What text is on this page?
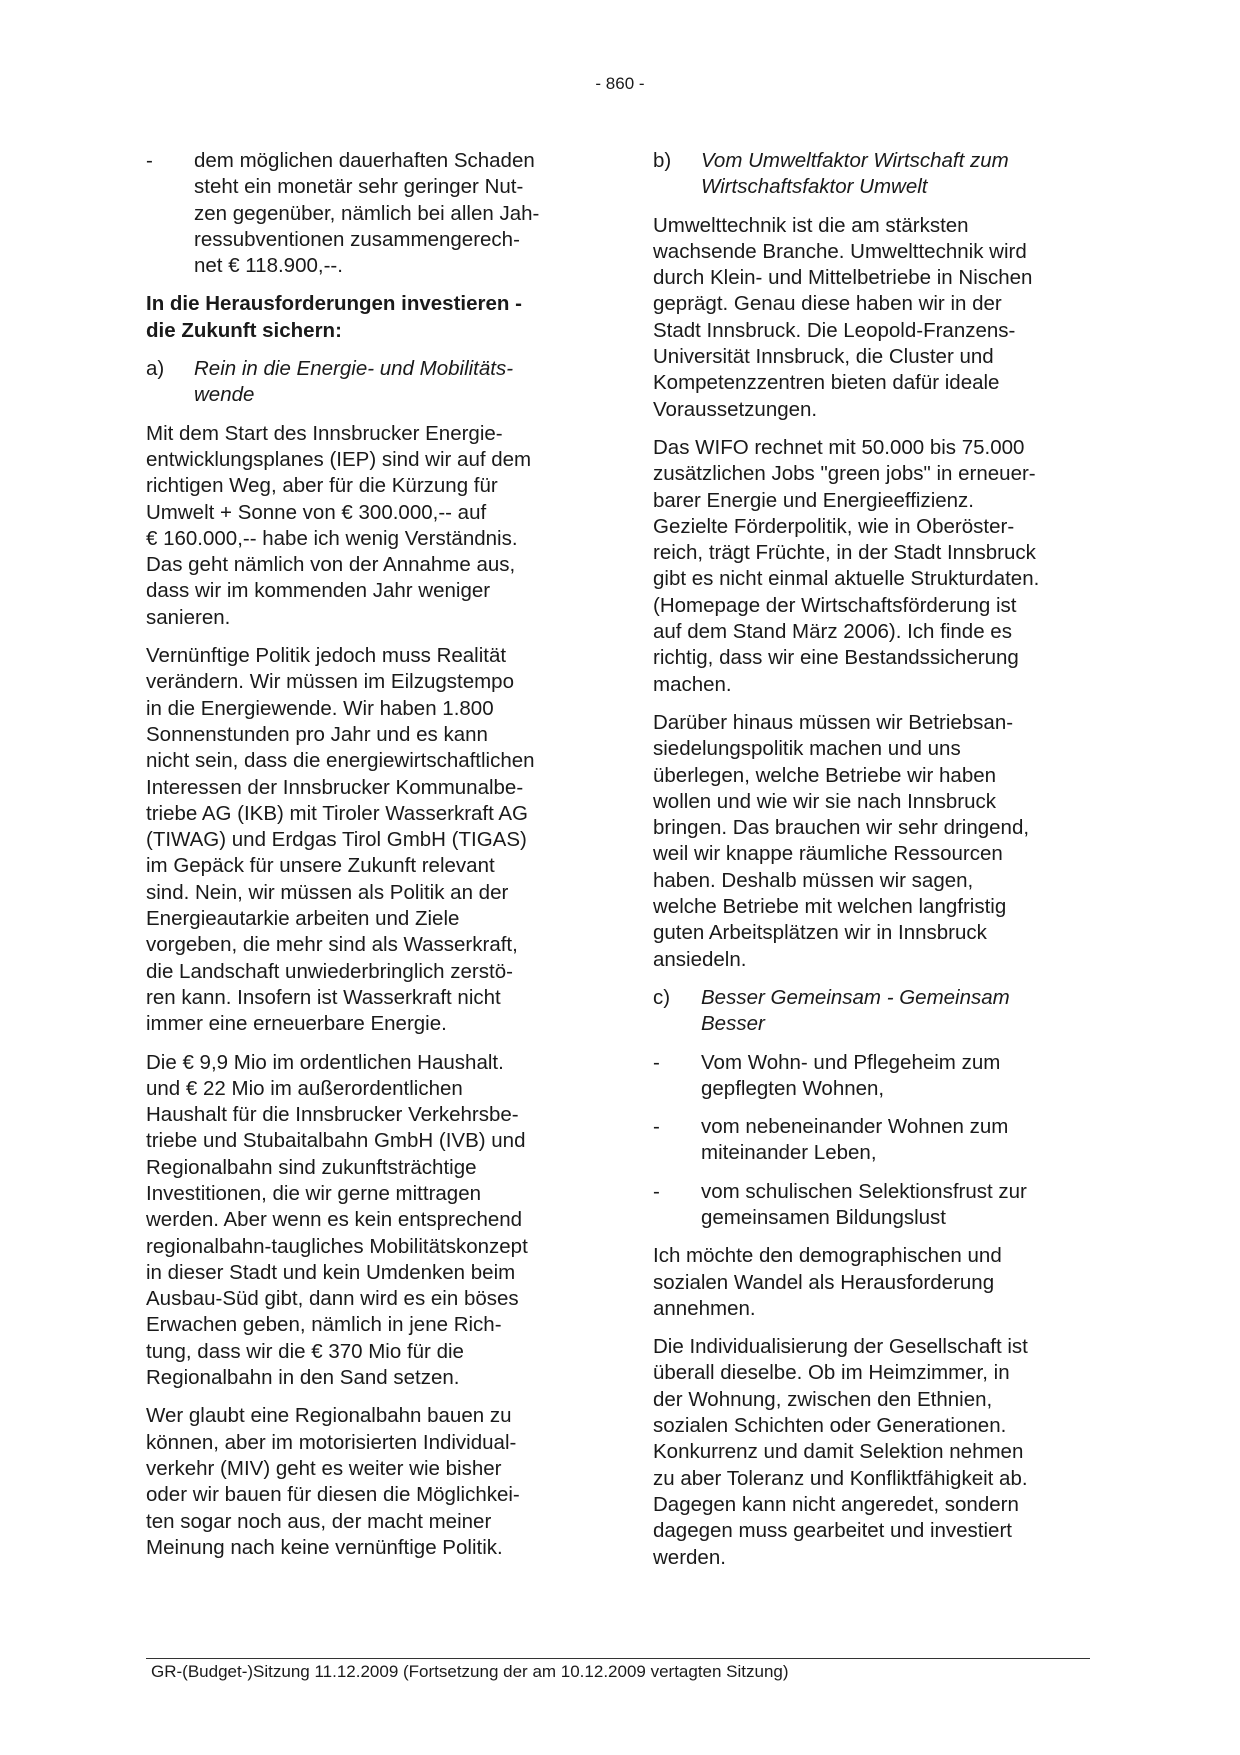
- 860 -
-	dem möglichen dauerhaften Schaden
steht ein monetär sehr geringer Nut-
zen gegenüber, nämlich bei allen Jah-
ressubventionen zusammengerech-
net € 118.900,--.
In die Herausforderungen investieren -
die Zukunft sichern:
a)	Rein in die Energie- und Mobilitäts-
wende

Mit dem Start des Innsbrucker Energie-
entwicklungsplanes (IEP) sind wir auf dem
richtigen Weg, aber für die Kürzung für
Umwelt + Sonne von € 300.000,-- auf
€ 160.000,-- habe ich wenig Verständnis.
Das geht nämlich von der Annahme aus,
dass wir im kommenden Jahr weniger
sanieren.

Vernünftige Politik jedoch muss Realität
verändern. Wir müssen im Eilzugstempo
in die Energiewende. Wir haben 1.800
Sonnenstunden pro Jahr und es kann
nicht sein, dass die energiewirtschaftlichen
Interessen der Innsbrucker Kommunalbe-
triebe AG (IKB) mit Tiroler Wasserkraft AG
(TIWAG) und Erdgas Tirol GmbH (TIGAS)
im Gepäck für unsere Zukunft relevant
sind. Nein, wir müssen als Politik an der
Energieautarkie arbeiten und Ziele
vorgeben, die mehr sind als Wasserkraft,
die Landschaft unwiederbringlich zerstö-
ren kann. Insofern ist Wasserkraft nicht
immer eine erneuerbare Energie.

Die € 9,9 Mio im ordentlichen Haushalt.
und € 22 Mio im außerordentlichen
Haushalt für die Innsbrucker Verkehrsbe-
triebe und Stubaitalbahn GmbH (IVB) und
Regionalbahn sind zukunftsträchtige
Investitionen, die wir gerne mittragen
werden. Aber wenn es kein entsprechend
regionalbahn-taugliches Mobilitätskonzept
in dieser Stadt und kein Umdenken beim
Ausbau-Süd gibt, dann wird es ein böses
Erwachen geben, nämlich in jene Rich-
tung, dass wir die € 370 Mio für die
Regionalbahn in den Sand setzen.

Wer glaubt eine Regionalbahn bauen zu
können, aber im motorisierten Individual-
verkehr (MIV) geht es weiter wie bisher
oder wir bauen für diesen die Möglichkei-
ten sogar noch aus, der macht meiner
Meinung nach keine vernünftige Politik.

b)	Vom Umweltfaktor Wirtschaft zum
Wirtschaftsfaktor Umwelt

Umwelttechnik ist die am stärksten
wachsende Branche. Umwelttechnik wird
durch Klein- und Mittelbetriebe in Nischen
geprägt. Genau diese haben wir in der
Stadt Innsbruck. Die Leopold-Franzens-
Universität Innsbruck, die Cluster und
Kompetenzzentren bieten dafür ideale
Voraussetzungen.

Das WIFO rechnet mit 50.000 bis 75.000
zusätzlichen Jobs "green jobs" in erneuer-
barer Energie und Energieeffizienz.
Gezielte Förderpolitik, wie in Oberöster-
reich, trägt Früchte, in der Stadt Innsbruck
gibt es nicht einmal aktuelle Strukturdaten.
(Homepage der Wirtschaftsförderung ist
auf dem Stand März 2006). Ich finde es
richtig, dass wir eine Bestandssicherung
machen.

Darüber hinaus müssen wir Betriebsan-
siedelungspolitik machen und uns
überlegen, welche Betriebe wir haben
wollen und wie wir sie nach Innsbruck
bringen. Das brauchen wir sehr dringend,
weil wir knappe räumliche Ressourcen
haben. Deshalb müssen wir sagen,
welche Betriebe mit welchen langfristig
guten Arbeitsplätzen wir in Innsbruck
ansiedeln.

c)	Besser Gemeinsam - Gemeinsam
Besser
-	Vom Wohn- und Pflegeheim zum
gepflegten Wohnen,
-	vom nebeneinander Wohnen zum
miteinander Leben,
-	vom schulischen Selektionsfrust zur
gemeinsamen Bildungslust

Ich möchte den demographischen und
sozialen Wandel als Herausforderung
annehmen.

Die Individualisierung der Gesellschaft ist
überall dieselbe. Ob im Heimzimmer, in
der Wohnung, zwischen den Ethnien,
sozialen Schichten oder Generationen.
Konkurrenz und damit Selektion nehmen
zu aber Toleranz und Konfliktfähigkeit ab.
Dagegen kann nicht angeredet, sondern
dagegen muss gearbeitet und investiert
werden.

GR-(Budget-)Sitzung 11.12.2009 (Fortsetzung der am 10.12.2009 vertagten Sitzung)
